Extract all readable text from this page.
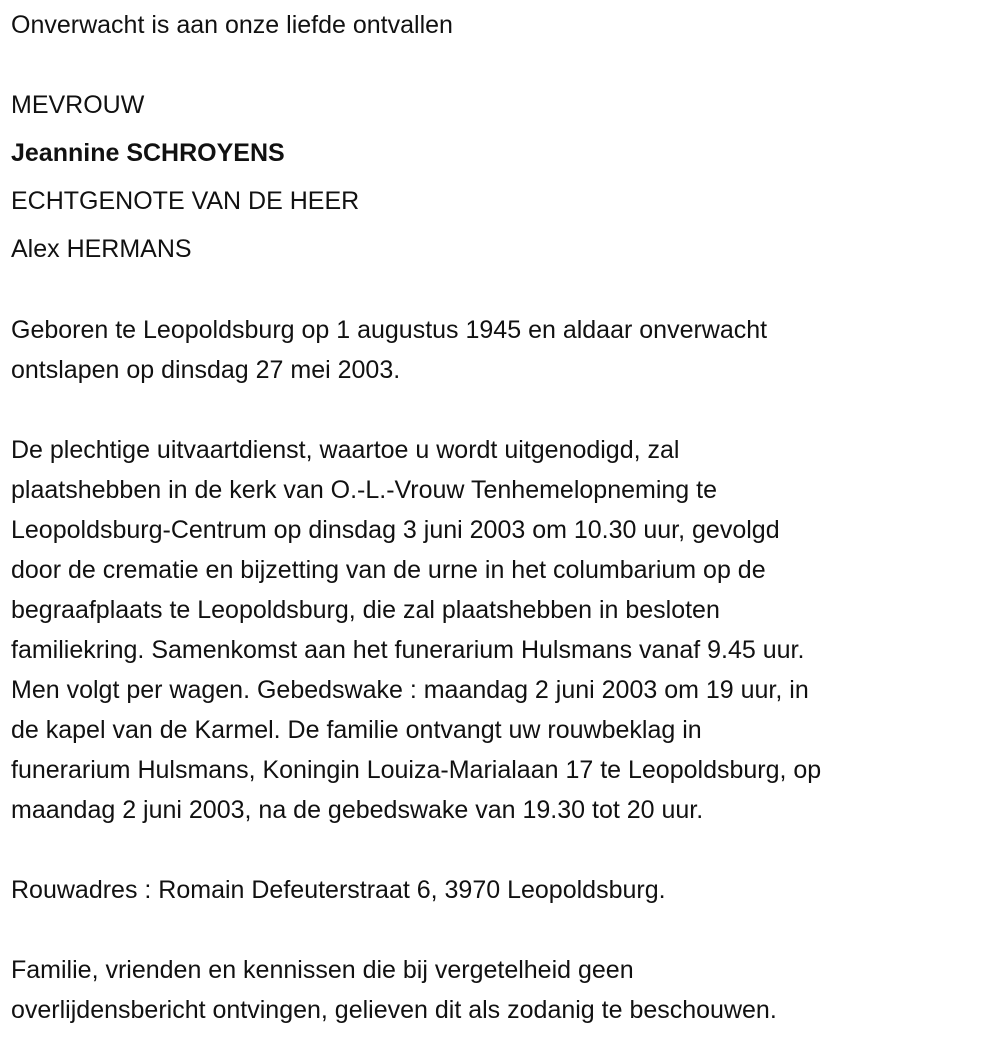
Onverwacht is aan onze liefde ontvallen
MEVROUW
Jeannine SCHROYENS
ECHTGENOTE VAN DE HEER
Alex HERMANS
Geboren te Leopoldsburg op 1 augustus 1945 en aldaar onverwacht
ontslapen op dinsdag 27 mei 2003.
De plechtige uitvaartdienst, waartoe u wordt uitgenodigd, zal
plaatshebben in de kerk van O.-L.-Vrouw Tenhemelopneming te
Leopoldsburg-Centrum op dinsdag 3 juni 2003 om 10.30 uur, gevolgd
door de crematie en bijzetting van de urne in het columbarium op de
begraafplaats te Leopoldsburg, die zal plaatshebben in besloten
familiekring. Samenkomst aan het funerarium Hulsmans vanaf 9.45 uur.
Men volgt per wagen. Gebedswake : maandag 2 juni 2003 om 19 uur, in
de kapel van de Karmel. De familie ontvangt uw rouwbeklag in
funerarium Hulsmans, Koningin Louiza-Marialaan 17 te Leopoldsburg, op
maandag 2 juni 2003, na de gebedswake van 19.30 tot 20 uur.
Rouwadres : Romain Defeuterstraat 6, 3970 Leopoldsburg.
Familie, vrienden en kennissen die bij vergetelheid geen
overlijdensbericht ontvingen, gelieven dit als zodanig te beschouwen.
